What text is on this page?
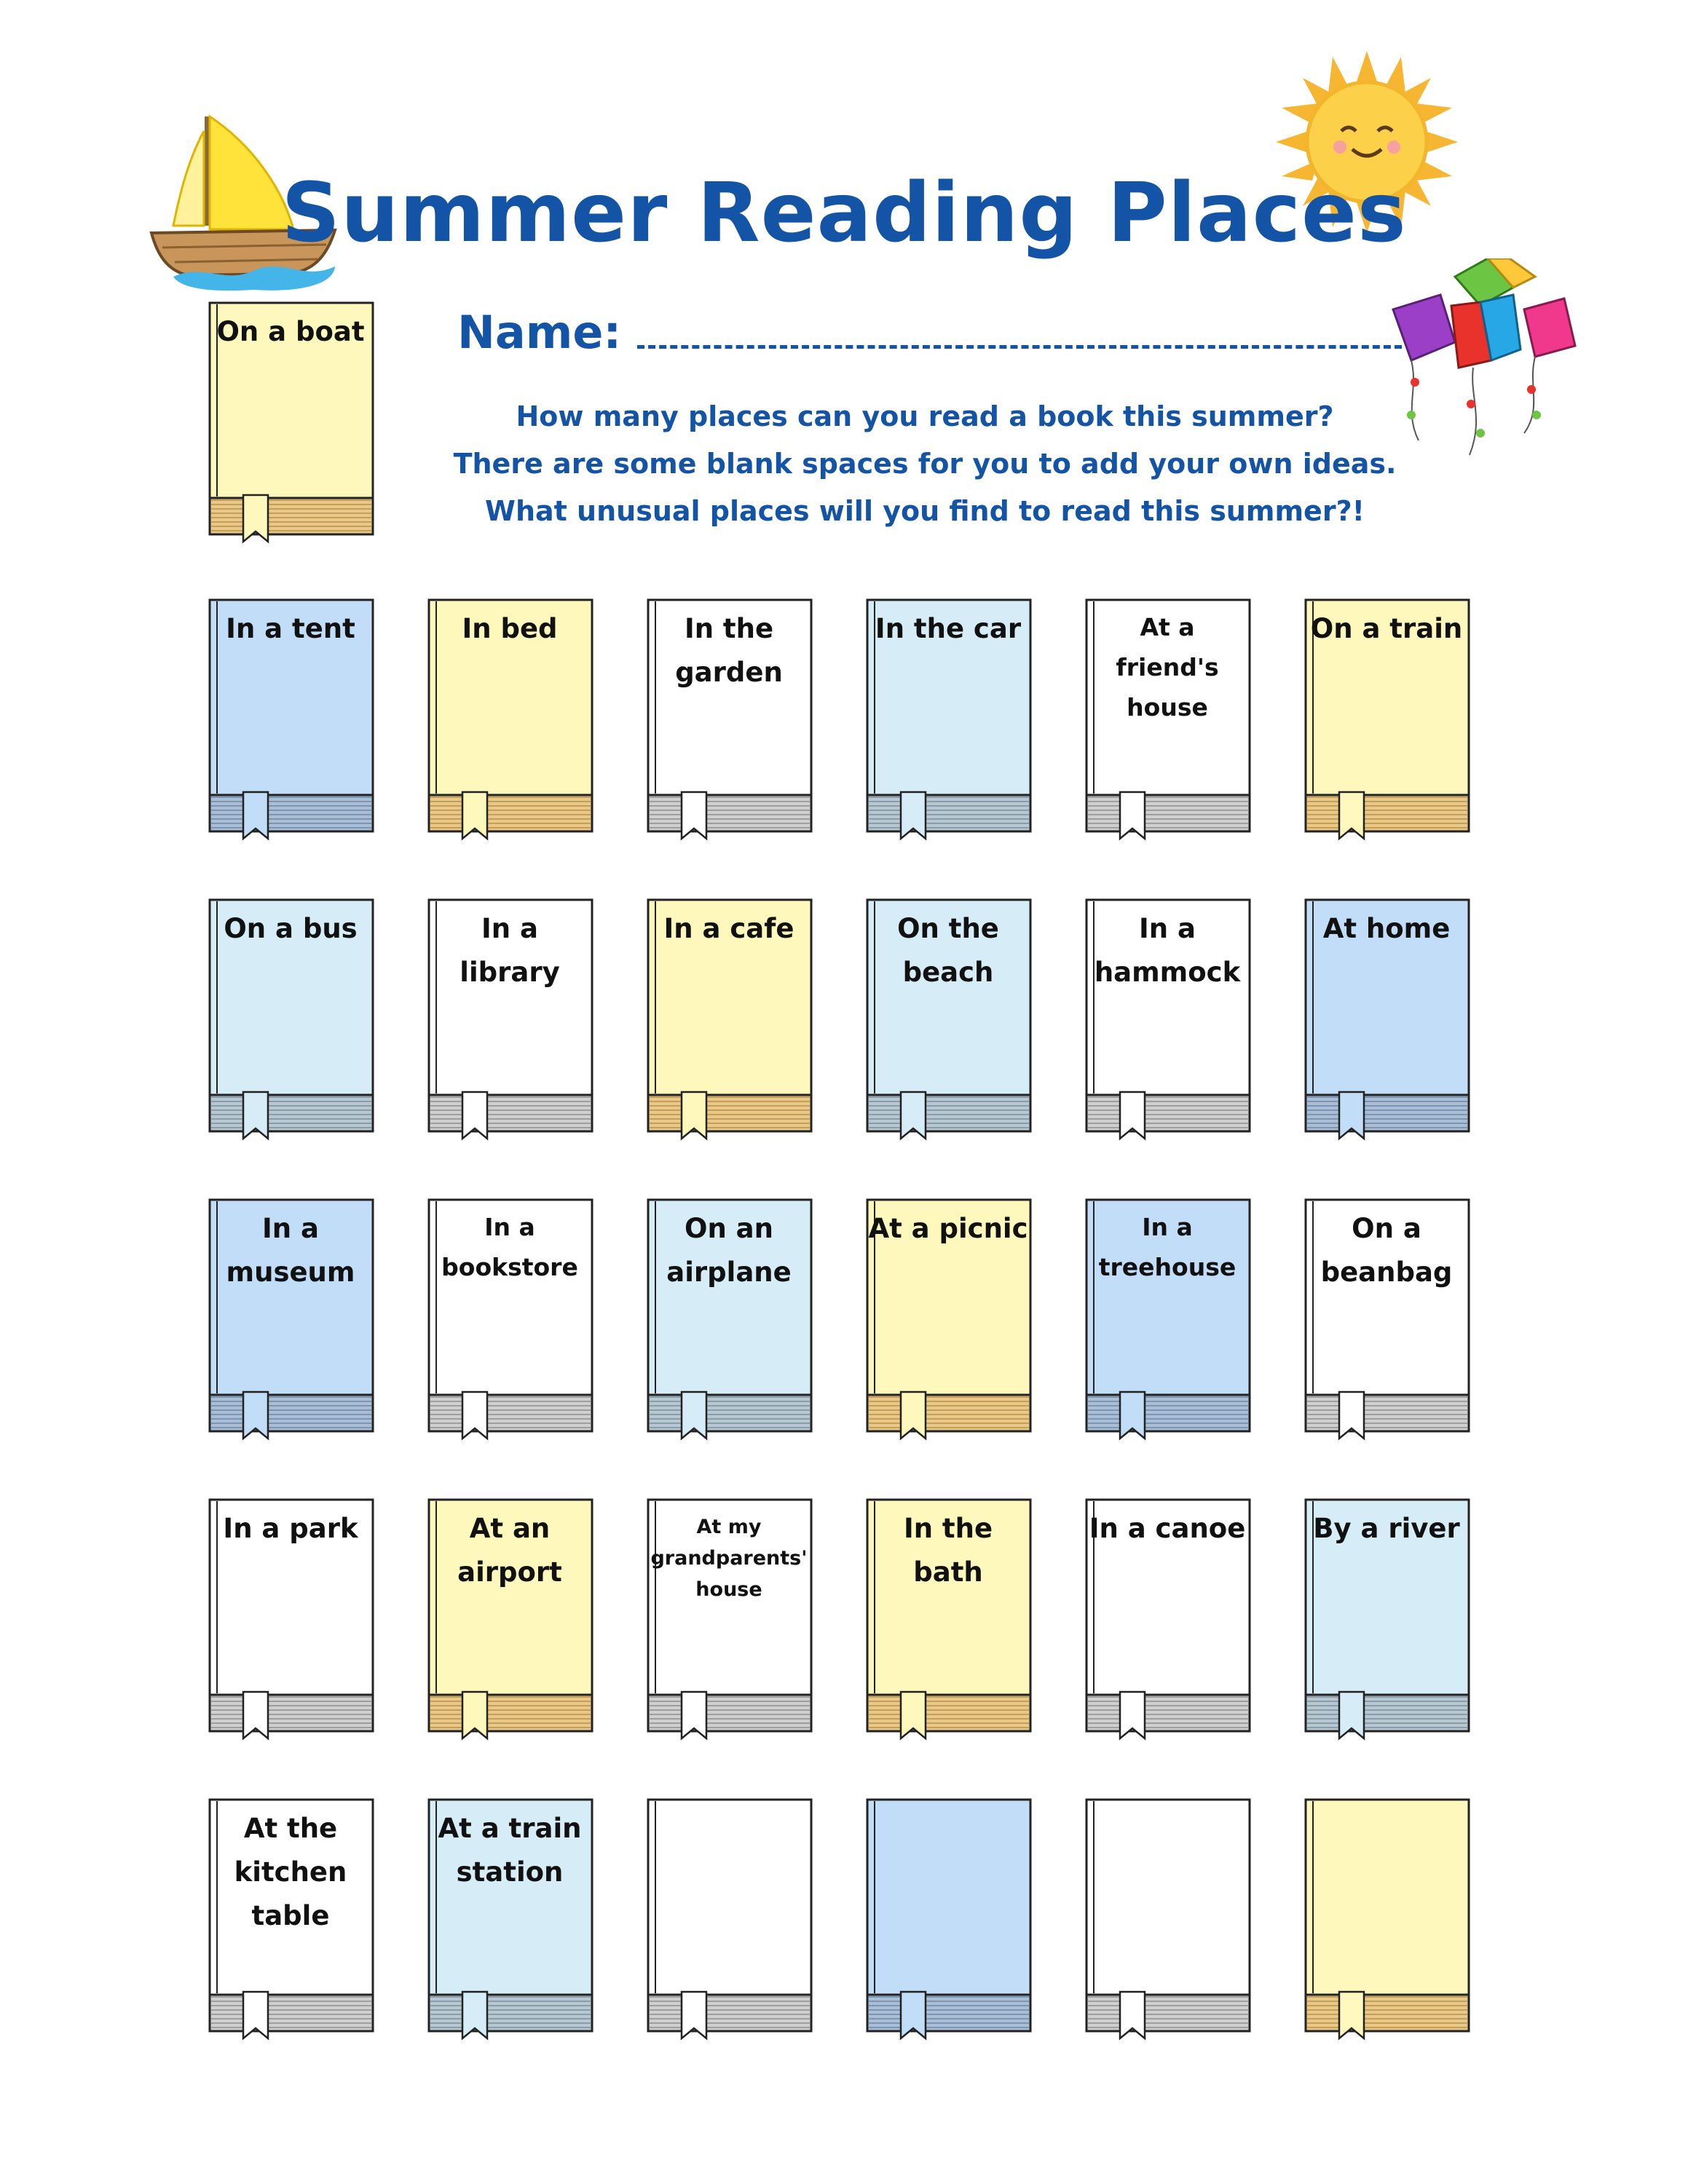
Summer Reading Places
Name:
How many places can you read a book this summer?
There are some blank spaces for you to add your own ideas.
What unusual places will you find to read this summer?!
On a boat
In a tent	In bed	In the garden
In the car	At a friend's house
On a train
On a bus	In a library
In a cafe	On the beach
In a hammock
At home
In a museum
In a bookstore
On an airplane
At a picnic	In a treehouse
On a beanbag
In a park	At an airport
At my grandparents' house
In the bath
In a canoe	By a river
At the kitchen table
At a train station
